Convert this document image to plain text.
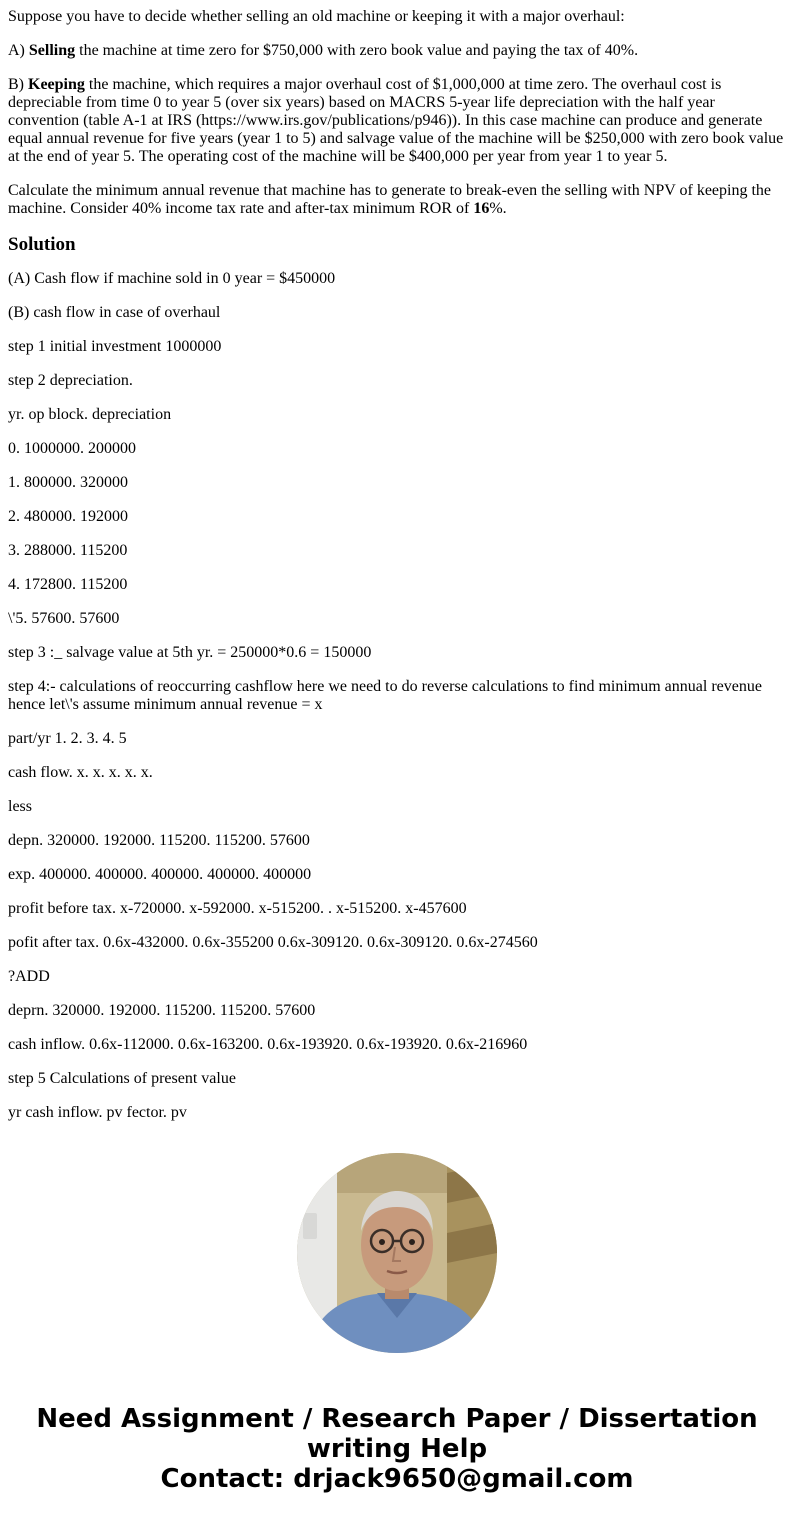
Suppose you have to decide whether selling an old machine or keeping it with a major overhaul:

A) Selling the machine at time zero for $750,000 with zero book value and paying the tax of 40%.

B) Keeping the machine, which requires a major overhaul cost of $1,000,000 at time zero. The overhaul cost is depreciable from time 0 to year 5 (over six years) based on MACRS 5-year life depreciation with the half year convention (table A-1 at IRS (https://www.irs.gov/publications/p946)). In this case machine can produce and generate equal annual revenue for five years (year 1 to 5) and salvage value of the machine will be $250,000 with zero book value at the end of year 5. The operating cost of the machine will be $400,000 per year from year 1 to year 5.

Calculate the minimum annual revenue that machine has to generate to break-even the selling with NPV of keeping the machine. Consider 40% income tax rate and after-tax minimum ROR of 16%.

Solution

(A) Cash flow if machine sold in 0 year = $450000

(B) cash flow in case of overhaul

step 1 initial investment 1000000

step 2 depreciation.

yr. op block. depreciation

0. 1000000. 200000

1. 800000. 320000

2. 480000. 192000

3. 288000. 115200

4. 172800. 115200

\'5. 57600. 57600

step 3 :_ salvage value at 5th yr. = 250000*0.6 = 150000

step 4:- calculations of reoccurring cashflow here we need to do reverse calculations to find minimum annual revenue hence let\'s assume minimum annual revenue = x

part/yr 1. 2. 3. 4. 5

cash flow. x. x. x. x. x.

less

depn. 320000. 192000. 115200. 115200. 57600

exp. 400000. 400000. 400000. 400000. 400000

profit before tax. x-720000. x-592000. x-515200. . x-515200. x-457600

pofit after tax. 0.6x-432000. 0.6x-355200 0.6x-309120. 0.6x-309120. 0.6x-274560

?ADD

deprn. 320000. 192000. 115200. 115200. 57600

cash inflow. 0.6x-112000. 0.6x-163200. 0.6x-193920. 0.6x-193920. 0.6x-216960

step 5 Calculations of present value

yr cash inflow. pv fector. pv

Need Assignment / Research Paper / Dissertation
writing Help
Contact: drjack9650@gmail.com
